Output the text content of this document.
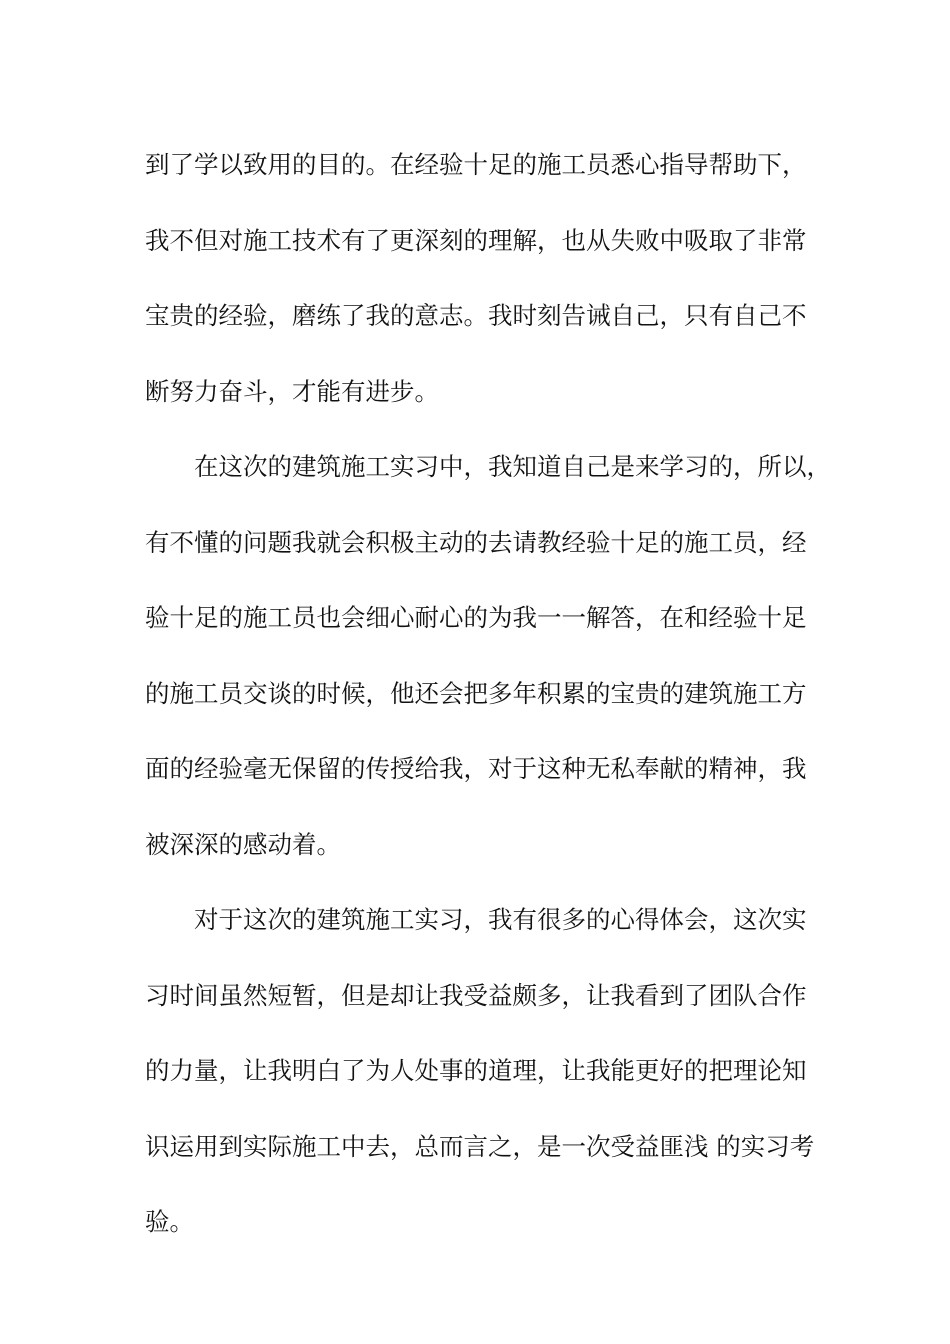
到了学以致用的目的。在经验十足的施工员悉心指导帮助下，
我不但对施工技术有了更深刻的理解，也从失败中吸取了非常
宝贵的经验，磨练了我的意志。我时刻告诫自己，只有自己不
断努力奋斗，才能有进步。
在这次的建筑施工实习中，我知道自己是来学习的，所以，
有不懂的问题我就会积极主动的去请教经验十足的施工员，经
验十足的施工员也会细心耐心的为我一一解答，在和经验十足
的施工员交谈的时候，他还会把多年积累的宝贵的建筑施工方
面的经验毫无保留的传授给我，对于这种无私奉献的精神，我
被深深的感动着。
对于这次的建筑施工实习，我有很多的心得体会，这次实
习时间虽然短暂，但是却让我受益颇多，让我看到了团队合作
的力量，让我明白了为人处事的道理，让我能更好的把理论知
识运用到实际施工中去，总而言之，是一次受益匪浅 的实习考
验。
